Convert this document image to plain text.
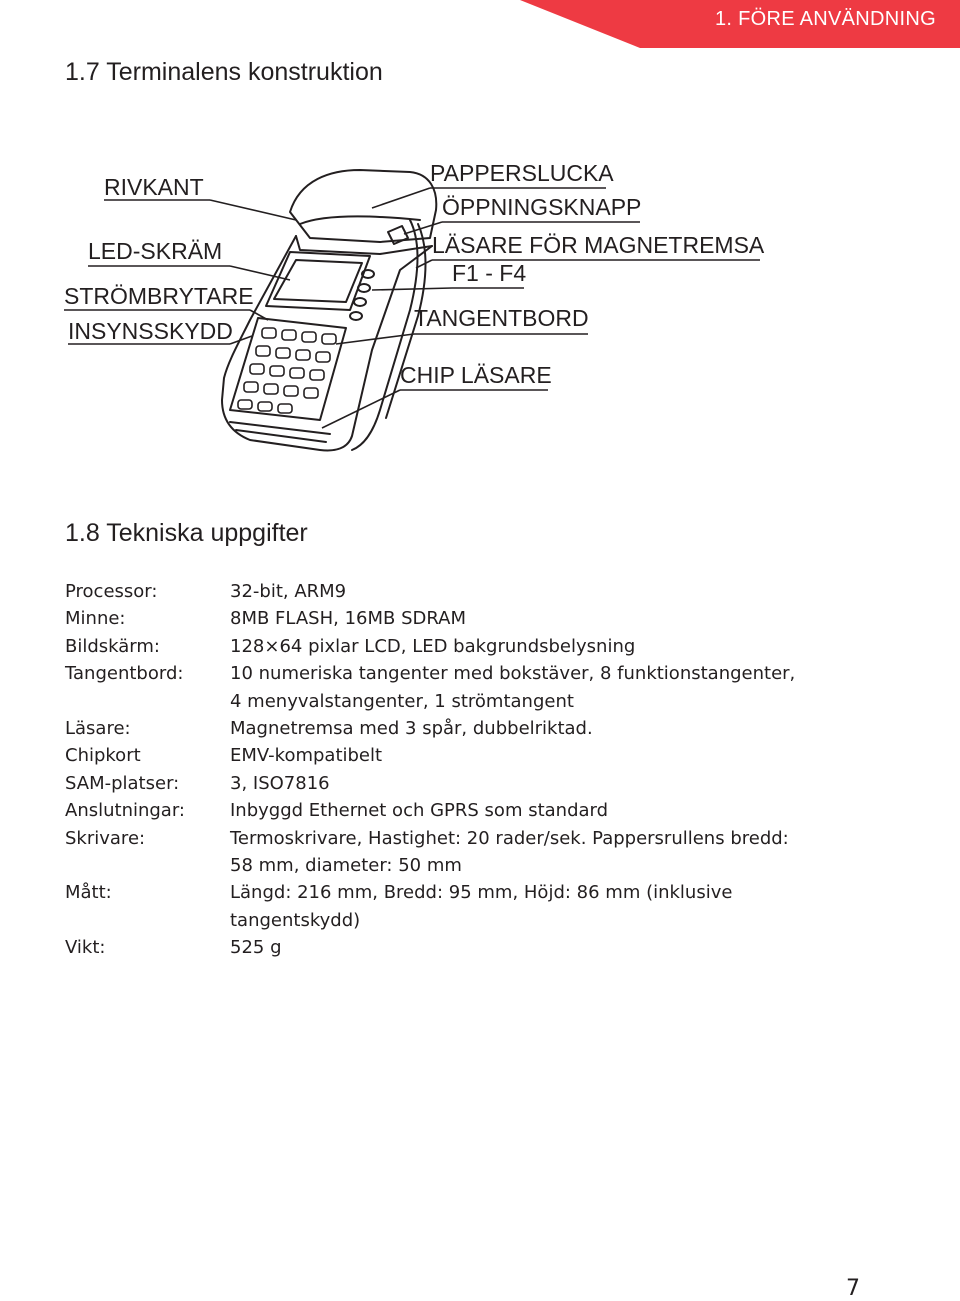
1. FÖRE ANVÄNDNING
1.7 Terminalens konstruktion
RIVKANT
LED-SKRÄM
STRÖMBRYTARE
INSYNSSKYDD
PAPPERSLUCKA
ÖPPNINGSKNAPP
LÄSARE FÖR MAGNETREMSA
F1 - F4
TANGENTBORD
CHIP LÄSARE
1.8 Tekniska uppgifter
Processor:	32-bit, ARM9
Minne:	8MB FLASH, 16MB SDRAM
Bildskärm:	128×64 pixlar LCD, LED bakgrundsbelysning
Tangentbord:	10 numeriska tangenter med bokstäver, 8 funktionstangenter,
4 menyvalstangenter, 1 strömtangent
Läsare:	Magnetremsa med 3 spår, dubbelriktad.
Chipkort	EMV-kompatibelt
SAM-platser:	3, ISO7816
Anslutningar:	Inbyggd Ethernet och GPRS som standard
Skrivare:	Termoskrivare, Hastighet: 20 rader/sek. Pappersrullens bredd:
58 mm, diameter: 50 mm
Mått:	Längd: 216 mm, Bredd: 95 mm, Höjd: 86 mm (inklusive
tangentskydd)
Vikt:	525 g
7
